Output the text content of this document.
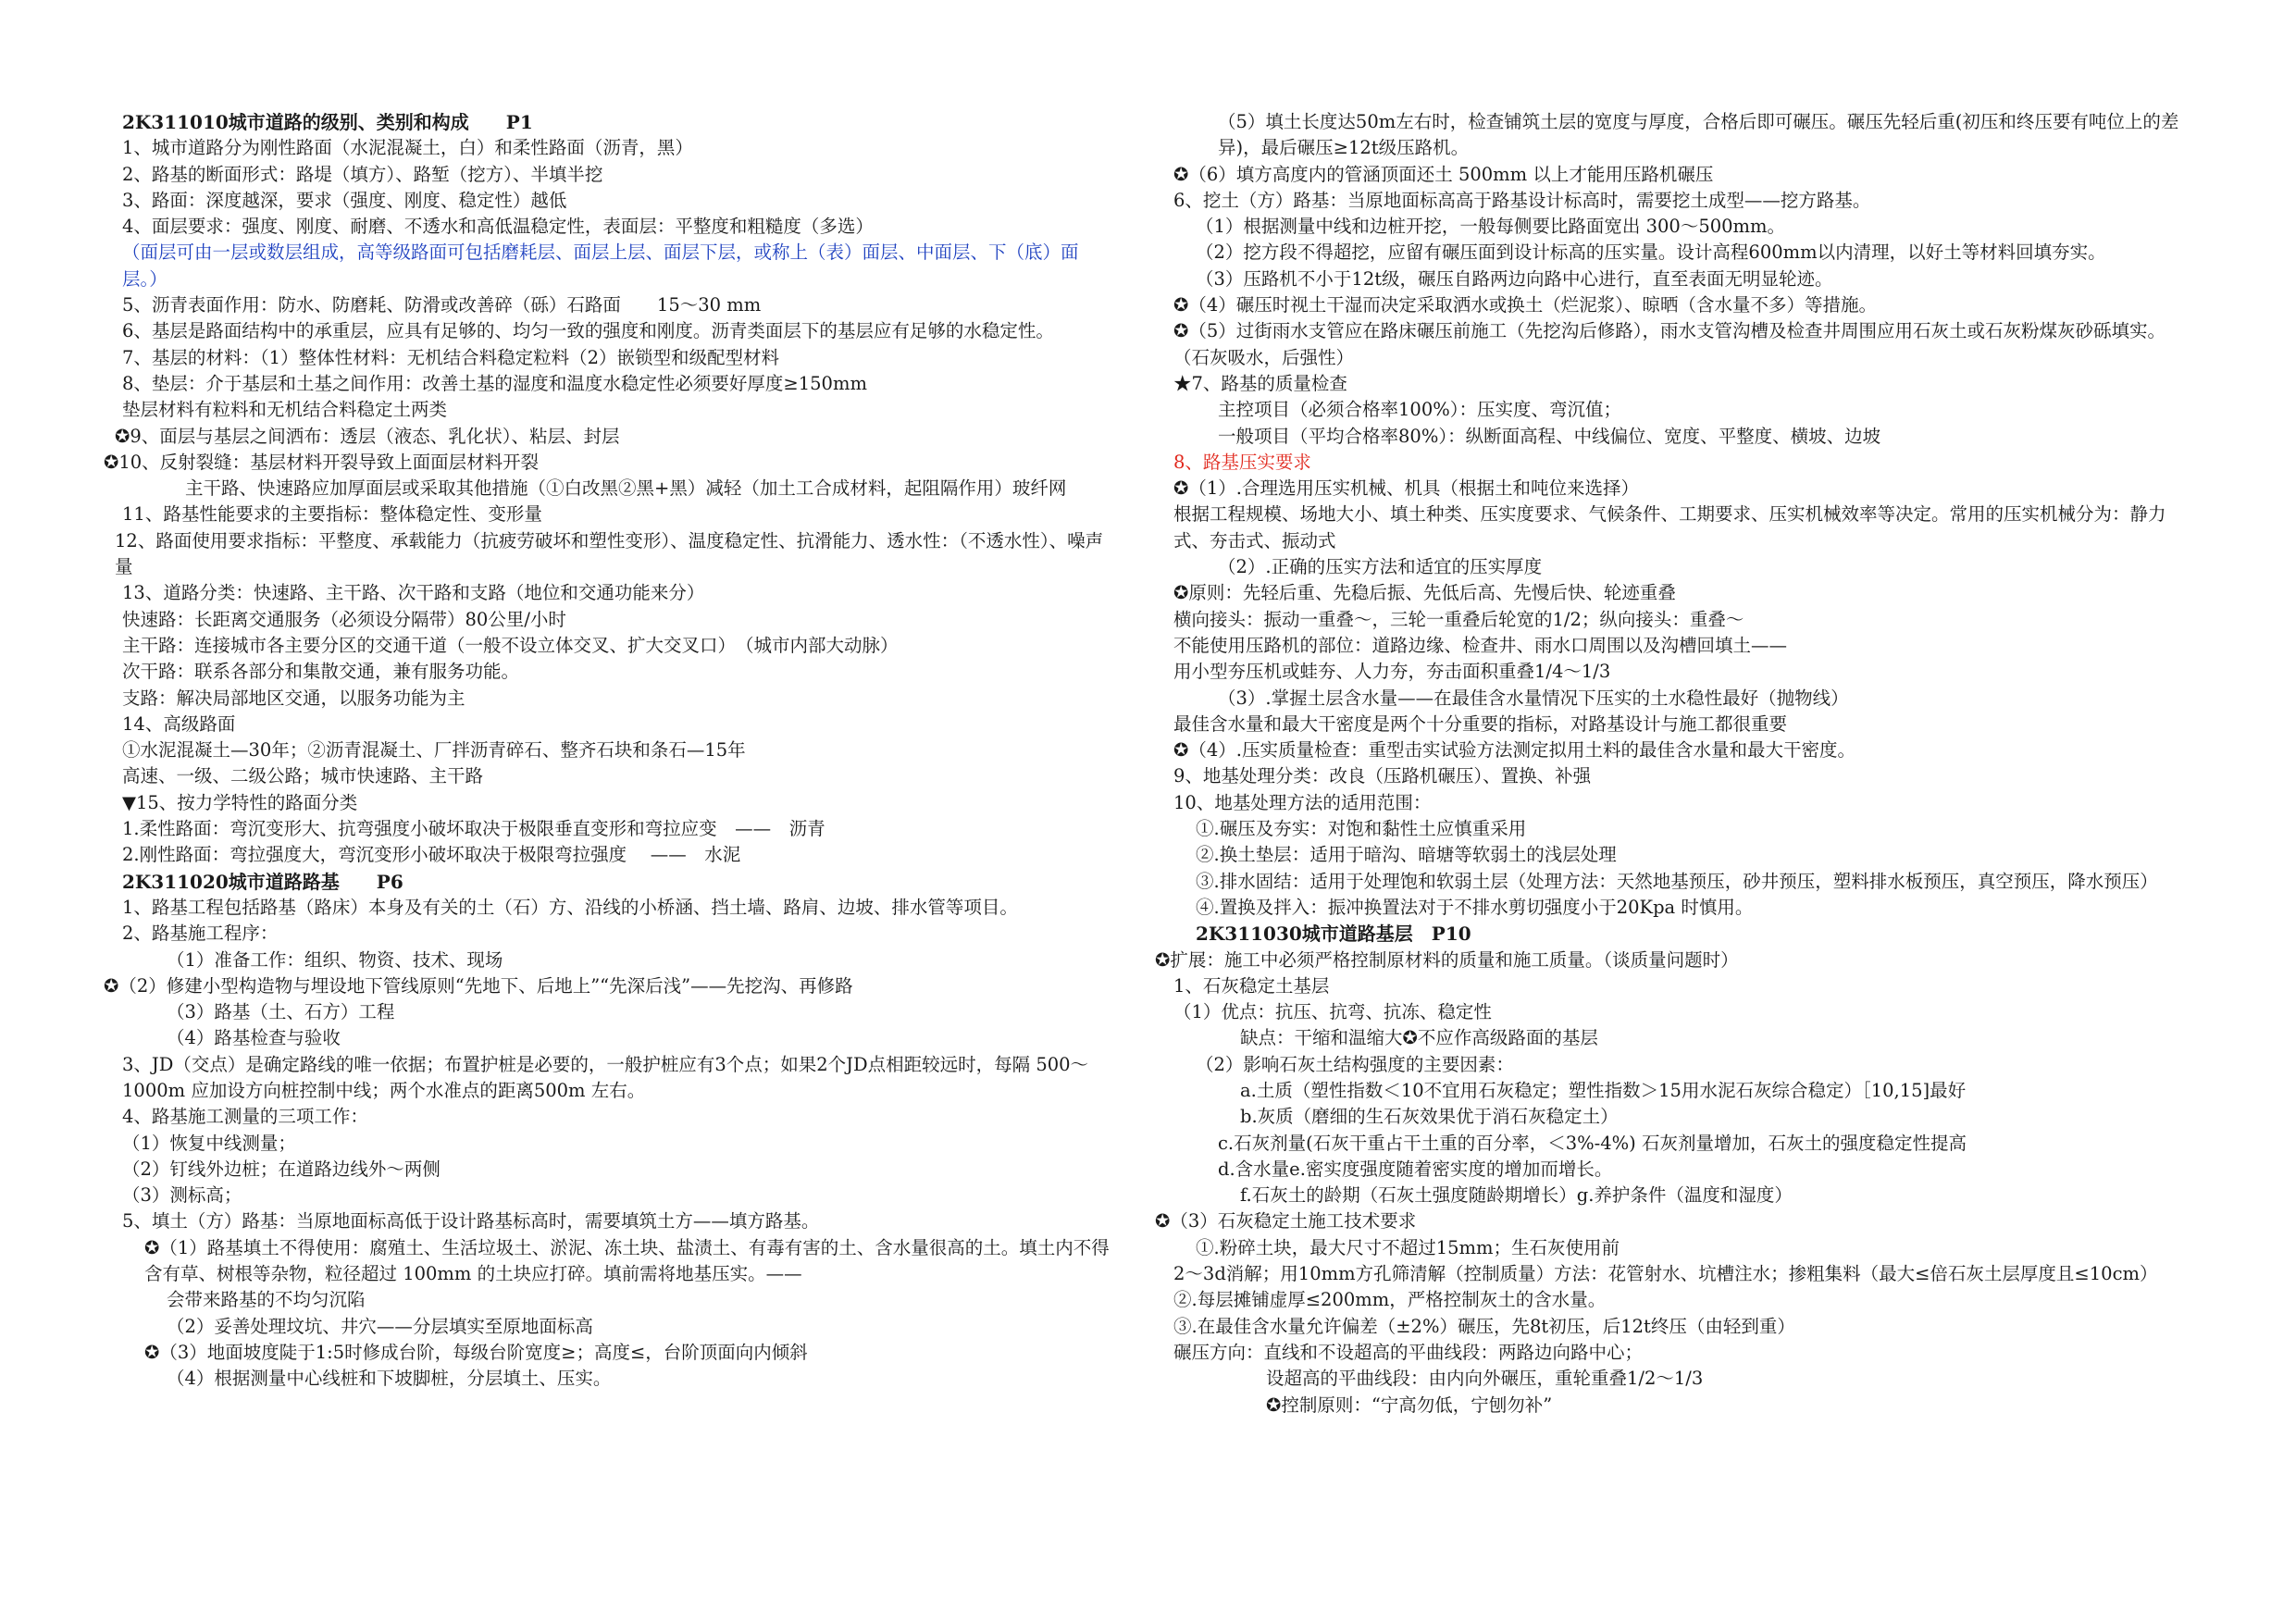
2K311010城市道路的级别、类别和构成　　P1
1、城市道路分为刚性路面（水泥混凝土，白）和柔性路面（沥青，黑）
2、路基的断面形式：路堤（填方）、路堑（挖方）、半填半挖
3、路面：深度越深，要求（强度、刚度、稳定性）越低
4、面层要求：强度、刚度、耐磨、不透水和高低温稳定性，表面层：平整度和粗糙度（多选）
（面层可由一层或数层组成，高等级路面可包括磨耗层、面层上层、面层下层，或称上（表）面层、中面层、下（底）面层。）
5、沥青表面作用：防水、防磨耗、防滑或改善碎（砾）石路面　　15～30 mm
6、基层是路面结构中的承重层，应具有足够的、均匀一致的强度和刚度。沥青类面层下的基层应有足够的水稳定性。
7、基层的材料：（1）整体性材料：无机结合料稳定粒料（2）嵌锁型和级配型材料
8、垫层：介于基层和土基之间作用：改善土基的湿度和温度水稳定性必须要好厚度≥150mm
垫层材料有粒料和无机结合料稳定土两类
✪9、面层与基层之间洒布：透层（液态、乳化状）、粘层、封层
✪10、反射裂缝：基层材料开裂导致上面面层材料开裂
主干路、快速路应加厚面层或采取其他措施（①白改黑②黑+黑）减轻（加土工合成材料，起阻隔作用）玻纤网
11、路基性能要求的主要指标：整体稳定性、变形量
12、路面使用要求指标：平整度、承载能力（抗疲劳破坏和塑性变形）、温度稳定性、抗滑能力、透水性：（不透水性）、噪声量
13、道路分类：快速路、主干路、次干路和支路（地位和交通功能来分）
快速路：长距离交通服务（必须设分隔带）80公里/小时
主干路：连接城市各主要分区的交通干道（一般不设立体交叉、扩大交叉口）　（城市内部大动脉）
次干路：联系各部分和集散交通，兼有服务功能。
支路：解决局部地区交通，以服务功能为主
14、高级路面
①水泥混凝土—30年；②沥青混凝土、厂拌沥青碎石、整齐石块和条石—15年
高速、一级、二级公路；城市快速路、主干路
▼15、按力学特性的路面分类
1.柔性路面：弯沉变形大、抗弯强度小破坏取决于极限垂直变形和弯拉应变　——　沥青
2.刚性路面：弯拉强度大，弯沉变形小破坏取决于极限弯拉强度　 ——　水泥
2K311020城市道路路基　　P6
1、路基工程包括路基（路床）本身及有关的土（石）方、沿线的小桥涵、挡土墙、路肩、边坡、排水管等项目。
2、路基施工程序：
（1）准备工作：组织、物资、技术、现场
✪（2）修建小型构造物与埋设地下管线原则“先地下、后地上”“先深后浅”——先挖沟、再修路
（3）路基（土、石方）工程
（4）路基检查与验收
3、JD（交点）是确定路线的唯一依据；布置护桩是必要的，一般护桩应有3个点；如果2个JD点相距较远时，每隔 500～1000m 应加设方向桩控制中线；两个水准点的距离500m 左右。
4、路基施工测量的三项工作：
（1）恢复中线测量；
（2）钉线外边桩；在道路边线外～两侧
（3）测标高；
5、填土（方）路基：当原地面标高低于设计路基标高时，需要填筑土方——填方路基。
✪（1）路基填土不得使用：腐殖土、生活垃圾土、淤泥、冻土块、盐渍土、有毒有害的土、含水量很高的土。填土内不得含有草、树根等杂物，粒径超过 100mm 的土块应打碎。填前需将地基压实。——
会带来路基的不均匀沉陷
（2）妥善处理坟坑、井穴——分层填实至原地面标高
✪（3）地面坡度陡于1:5时修成台阶，每级台阶宽度≥；高度≤，台阶顶面向内倾斜
（4）根据测量中心线桩和下坡脚桩，分层填土、压实。
（5）填土长度达50m左右时，检查铺筑土层的宽度与厚度，合格后即可碾压。碾压先轻后重(初压和终压要有吨位上的差异)，最后碾压≥12t级压路机。
✪（6）填方高度内的管涵顶面还土 500mm 以上才能用压路机碾压
6、挖土（方）路基：当原地面标高高于路基设计标高时，需要挖土成型——挖方路基。
（1）根据测量中线和边桩开挖，一般每侧要比路面宽出 300～500mm。
（2）挖方段不得超挖，应留有碾压面到设计标高的压实量。设计高程600mm以内清理，以好土等材料回填夯实。
（3）压路机不小于12t级，碾压自路两边向路中心进行，直至表面无明显轮迹。
✪（4）碾压时视土干湿而决定采取洒水或换土（烂泥浆）、晾晒（含水量不多）等措施。
✪（5）过街雨水支管应在路床碾压前施工（先挖沟后修路），雨水支管沟槽及检查井周围应用石灰土或石灰粉煤灰砂砾填实。（石灰吸水，后强性）
★7、路基的质量检查
主控项目（必须合格率100%）：压实度、弯沉值；
一般项目（平均合格率80%）：纵断面高程、中线偏位、宽度、平整度、横坡、边坡
8、路基压实要求
✪（1）.合理选用压实机械、机具（根据土和吨位来选择）
根据工程规模、场地大小、填土种类、压实度要求、气候条件、工期要求、压实机械效率等决定。常用的压实机械分为：静力式、夯击式、振动式
（2）.正确的压实方法和适宜的压实厚度
✪原则：先轻后重、先稳后振、先低后高、先慢后快、轮迹重叠
横向接头：振动一重叠～，三轮一重叠后轮宽的1/2；纵向接头：重叠～
不能使用压路机的部位：道路边缘、检查井、雨水口周围以及沟槽回填土——
用小型夯压机或蛙夯、人力夯，夯击面积重叠1/4～1/3
（3）.掌握土层含水量——在最佳含水量情况下压实的土水稳性最好（抛物线）
最佳含水量和最大干密度是两个十分重要的指标，对路基设计与施工都很重要
✪（4）.压实质量检查：重型击实试验方法测定拟用土料的最佳含水量和最大干密度。
9、地基处理分类：改良（压路机碾压）、置换、补强
10、地基处理方法的适用范围：
①.碾压及夯实：对饱和黏性土应慎重采用
②.换土垫层：适用于暗沟、暗塘等软弱土的浅层处理
③.排水固结：适用于处理饱和软弱土层（处理方法：天然地基预压，砂井预压，塑料排水板预压，真空预压，降水预压）
④.置换及拌入：振冲换置法对于不排水剪切强度小于20Kpa 时慎用。
2K311030城市道路基层　P10
✪扩展：施工中必须严格控制原材料的质量和施工质量。（谈质量问题时）
1、石灰稳定土基层
（1）优点：抗压、抗弯、抗冻、稳定性
缺点：干缩和温缩大✪不应作高级路面的基层
（2）影响石灰土结构强度的主要因素：
a.土质（塑性指数＜10不宜用石灰稳定；塑性指数＞15用水泥石灰综合稳定）［10,15]最好
b.灰质（磨细的生石灰效果优于消石灰稳定土）
c.石灰剂量(石灰干重占干土重的百分率，＜3%-4%) 石灰剂量增加，石灰土的强度稳定性提高
d.含水量e.密实度强度随着密实度的增加而增长。
f.石灰土的龄期（石灰土强度随龄期增长）g.养护条件（温度和湿度）
✪（3）石灰稳定土施工技术要求
①.粉碎土块，最大尺寸不超过15mm；生石灰使用前
2～3d消解；用10mm方孔筛清解（控制质量）方法：花管射水、坑槽注水；掺粗集料（最大≤倍石灰土层厚度且≤10cm）
②.每层摊铺虚厚≤200mm，严格控制灰土的含水量。
③.在最佳含水量允许偏差（±2%）碾压，先8t初压，后12t终压（由轻到重）
碾压方向：直线和不设超高的平曲线段：两路边向路中心；
设超高的平曲线段：由内向外碾压，重轮重叠1/2～1/3
✪控制原则：“宁高勿低，宁刨勿补”
